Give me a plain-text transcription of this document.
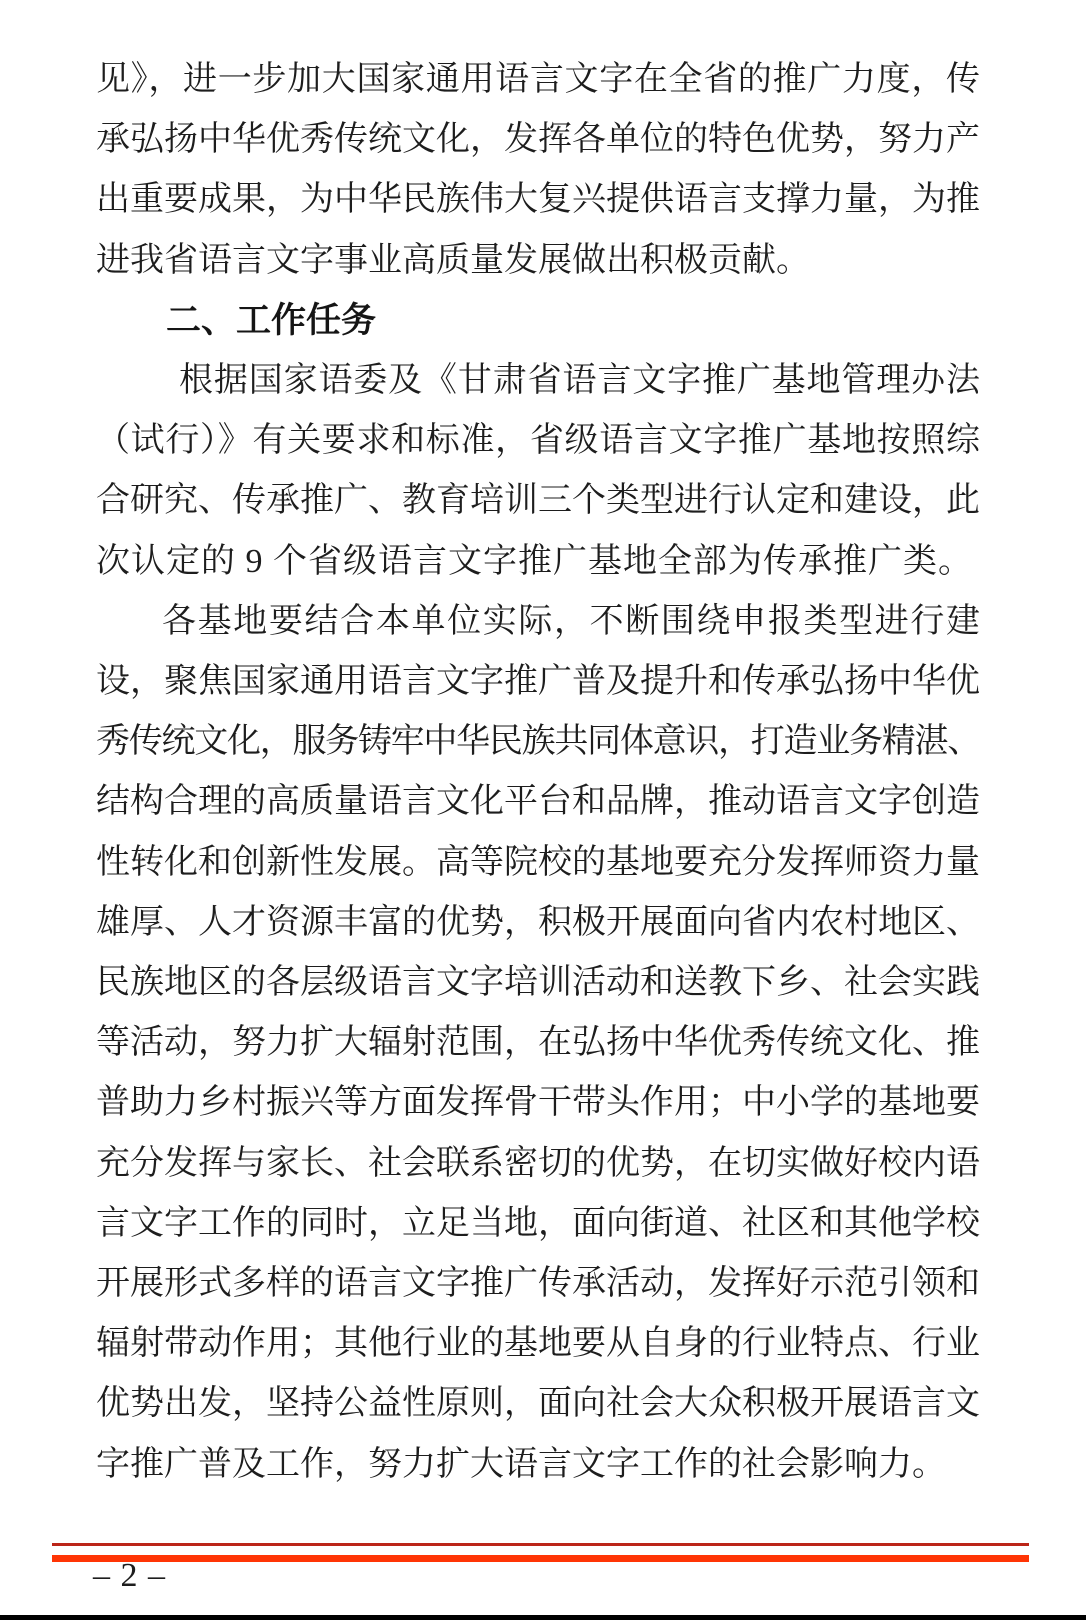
见》，进一步加大国家通用语言文字在全省的推广力度，传
承弘扬中华优秀传统文化，发挥各单位的特色优势，努力产
出重要成果，为中华民族伟大复兴提供语言支撑力量，为推
进我省语言文字事业高质量发展做出积极贡献。
二、工作任务
根据国家语委及《甘肃省语言文字推广基地管理办法
（试行）》有关要求和标准，省级语言文字推广基地按照综
合研究、传承推广、教育培训三个类型进行认定和建设，此
次认定的 9 个省级语言文字推广基地全部为传承推广类。
各基地要结合本单位实际，不断围绕申报类型进行建
设，聚焦国家通用语言文字推广普及提升和传承弘扬中华优
秀传统文化，服务铸牢中华民族共同体意识，打造业务精湛、
结构合理的高质量语言文化平台和品牌，推动语言文字创造
性转化和创新性发展。高等院校的基地要充分发挥师资力量
雄厚、人才资源丰富的优势，积极开展面向省内农村地区、
民族地区的各层级语言文字培训活动和送教下乡、社会实践
等活动，努力扩大辐射范围，在弘扬中华优秀传统文化、推
普助力乡村振兴等方面发挥骨干带头作用；中小学的基地要
充分发挥与家长、社会联系密切的优势，在切实做好校内语
言文字工作的同时，立足当地，面向街道、社区和其他学校
开展形式多样的语言文字推广传承活动，发挥好示范引领和
辐射带动作用；其他行业的基地要从自身的行业特点、行业
优势出发，坚持公益性原则，面向社会大众积极开展语言文
字推广普及工作，努力扩大语言文字工作的社会影响力。
– 2 –
